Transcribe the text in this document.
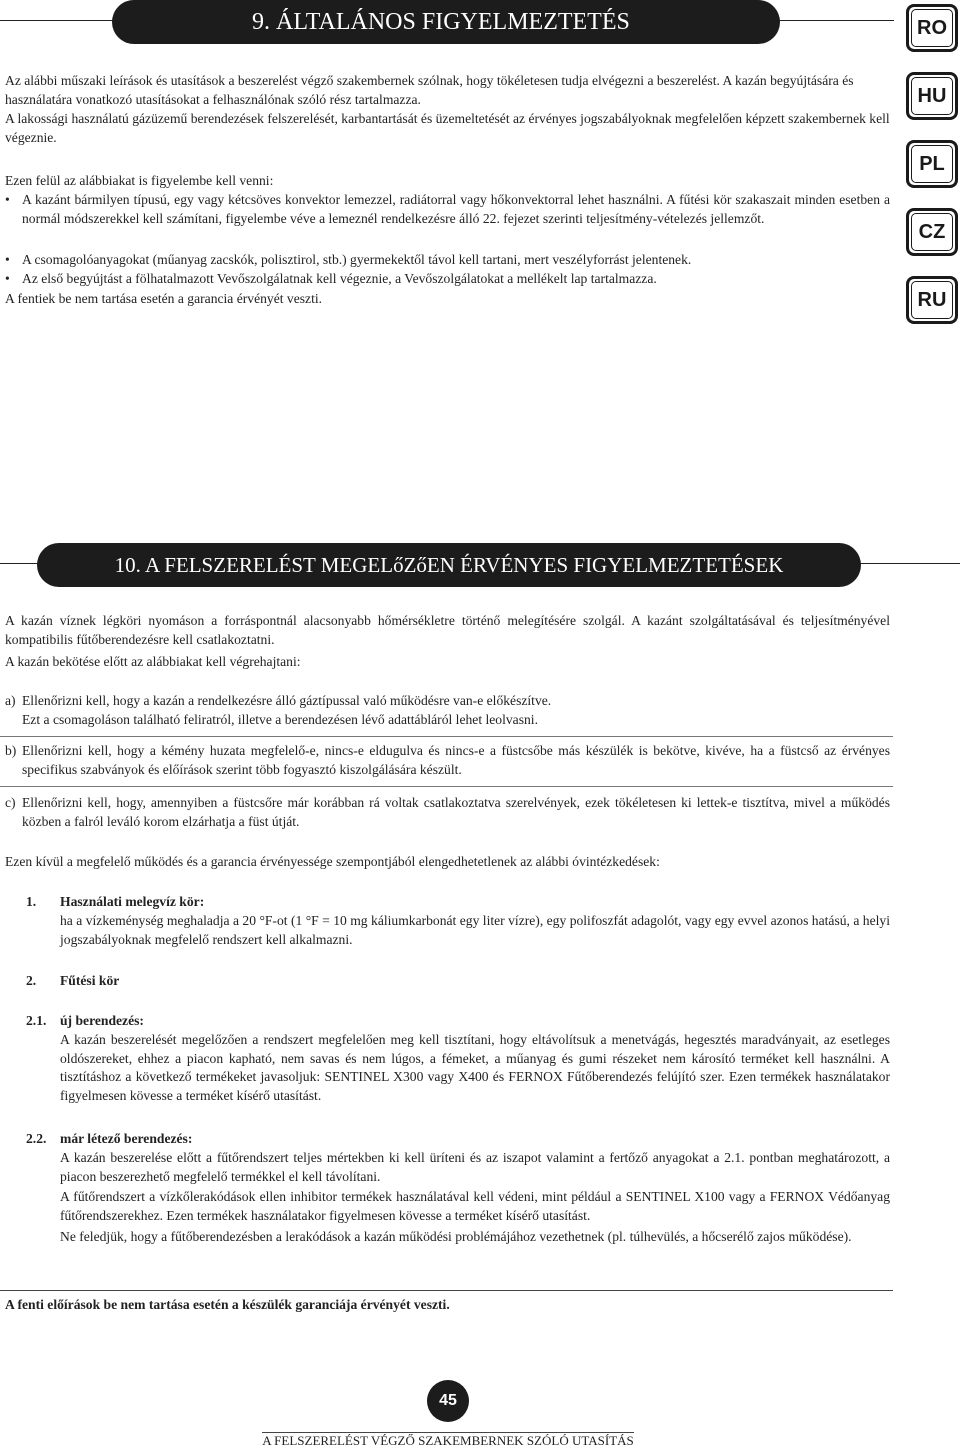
9. ÁLTALÁNOS FIGYELMEZTETÉS	RO
HU
PL
CZ
RU
Az alábbi műszaki leírások és utasítások a beszerelést végző szakembernek szólnak, hogy tökéletesen tudja elvégezni a beszerelést. A kazán begyújtására és használatára vonatkozó utasításokat a felhasználónak szóló rész tartalmazza.
A lakossági használatú gázüzemű berendezések felszerelését, karbantartását és üzemeltetését az érvényes jogszabályoknak megfelelően képzett szakembernek kell végeznie.
Ezen felül az alábbiakat is figyelembe kell venni:
• A kazánt bármilyen típusú, egy vagy kétcsöves konvektor lemezzel, radiátorral vagy hőkonvektorral lehet használni. A fűtési kör szakaszait minden esetben a normál módszerekkel kell számítani, figyelembe véve a lemeznél rendelkezésre álló 22. fejezet szerinti teljesítmény-vételezés jellemzőt.
• A csomagolóanyagokat (műanyag zacskók, polisztirol, stb.) gyermekektől távol kell tartani, mert veszélyforrást jelentenek.
• Az első begyújtást a fölhatalmazott Vevőszolgálatnak kell végeznie, a Vevőszolgálatokat a mellékelt lap tartalmazza.
A fentiek be nem tartása esetén a garancia érvényét veszti.
10. A FELSZERELÉST MEGELőZőEN ÉRVÉNYES FIGYELMEZTETÉSEK
A kazán víznek légköri nyomáson a forráspontnál alacsonyabb hőmérsékletre történő melegítésére szolgál. A kazánt szolgáltatásával és teljesítményével kompatibilis fűtőberendezésre kell csatlakoztatni.
A kazán bekötése előtt az alábbiakat kell végrehajtani:
a) Ellenőrizni kell, hogy a kazán a rendelkezésre álló gáztípussal való működésre van-e előkészítve.
Ezt a csomagoláson található feliratról, illetve a berendezésen lévő adattábláról lehet leolvasni.
b) Ellenőrizni kell, hogy a kémény huzata megfelelő-e, nincs-e eldugulva és nincs-e a füstcsőbe más készülék is bekötve, kivéve, ha a füstcső az érvényes specifikus szabványok és előírások szerint több fogyasztó kiszolgálására készült.
c) Ellenőrizni kell, hogy, amennyiben a füstcsőre már korábban rá voltak csatlakoztatva szerelvények, ezek tökéletesen ki lettek-e tisztítva, mivel a működés közben a falról leváló korom elzárhatja a füst útját.
Ezen kívül a megfelelő működés és a garancia érvényessége szempontjából elengedhetetlenek az alábbi óvintézkedések:
1. Használati melegvíz kör:
ha a vízkeménység meghaladja a 20 °F-ot (1 °F = 10 mg káliumkarbonát egy liter vízre), egy polifoszfát adagolót, vagy egy evvel azonos hatású, a helyi jogszabályoknak megfelelő rendszert kell alkalmazni.
2. Fűtési kör
2.1. új berendezés:
A kazán beszerelését megelőzően a rendszert megfelelően meg kell tisztítani, hogy eltávolítsuk a menetvágás, hegesztés maradványait, az esetleges oldószereket, ehhez a piacon kapható, nem savas és nem lúgos, a fémeket, a műanyag és gumi részeket nem károsító terméket kell használni. A tisztításhoz a következő termékeket javasoljuk: SENTINEL X300 vagy X400 és FERNOX Fűtőberendezés felújító szer. Ezen termékek használatakor figyelmesen kövesse a terméket kísérő utasítást.
2.2. már létező berendezés:
A kazán beszerelése előtt a fűtőrendszert teljes mértekben ki kell üríteni és az iszapot valamint a fertőző anyagokat a 2.1. pontban meghatározott, a piacon beszerezhető megfelelő termékkel el kell távolítani.
A fűtőrendszert a vízkőlerakódások ellen inhibitor termékek használatával kell védeni, mint például a SENTINEL X100 vagy a FERNOX Védőanyag fűtőrendszerekhez. Ezen termékek használatakor figyelmesen kövesse a terméket kísérő utasítást.
Ne feledjük, hogy a fűtőberendezésben a lerakódások a kazán működési problémájához vezethetnek (pl. túlhevülés, a hőcserélő zajos működése).
A fenti előírások be nem tartása esetén a készülék garanciája érvényét veszti.
45
A FELSZERELÉST VÉGZŐ SZAKEMBERNEK SZÓLÓ UTASÍTÁS
